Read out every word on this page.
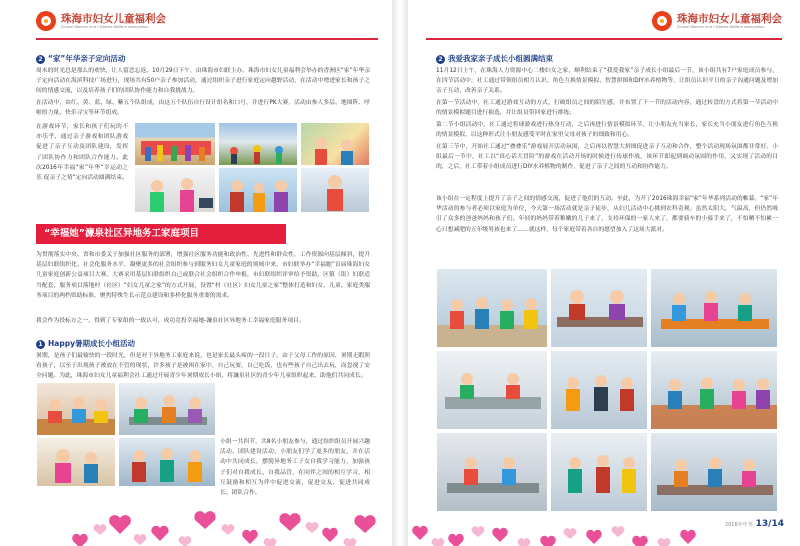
珠海市妇女儿童福利会
Zhuhai Women and Children Welfare Association
2 “家”年华亲子定向活动
周末的时光总是那么的欢快，让人留恋忘返。10月29日下午，由珠海市妇联主办、珠海市妇女儿童福利会举办的香洲区“家”年华亲子定向活动在海滨科技广场进行，现场共有50户亲子参加活动，通过组织亲子进行家庭定向越野活动，在活动中增进家长和孩子之间的情感交流，以及培养孩子们的团队协作能力和自我挑战力。
在活动中，由红、黄、蓝、绿、紫五个队组成，由这五个队伍自行设计组名和口号，并进行PK大赛，活动由参人多层、地图阵、呼啦的力量、快乐寻宝等环节组成。
在游戏环节，家长和孩子们玩的不亦乐乎，通过亲子游戏和团队游戏促进了亲子互动及团队建设，发挥了团队协作力和团队合作能力。此次2016年幸福“家”年华“幸运动之乐 促亲子之情”定向活动圆满结束。
“幸福她”濂泉社区异地务工家庭项目
为贯彻落实中央、省和市委关于加强社区服务的部署，增强社区服务功能和政治性、先进性和群众性，工作资源向基层倾斜，提升基层妇联组织化、社会化服务水平，凝聚更多的社会组织参与到服务妇女儿童家庭的领域中来，市妇联举办“幸福她”首届珠海妇女儿童家庭创新公益项目大赛。大赛采用基层妇联组织自己或联合社会组织合作申报，市妇联组织评审给予资助，区镇（街）妇联适当配套，服务项目落地村（社区）“妇女儿童之家”的方式开展，设置“村（社区）妇女儿童之家”整体打造和妇女、儿童、家庭类服务项目的两档资助标准，聚焦特殊生长示范点建设和多样化服务重要的需求。
我会作为投标方之一，得到了专家组的一致认可，成功竞投幸福她-濂泉社区异地务工幸福家庭服务项目。
1 Happy暑期成长小组活动
暑期，是孩子们最愉快的一段时光，但是对于异地务工家庭来说，也是家长最头疼的一段日子。由于父母工作的原因，暑期无暇照看孩子，以至于出现孩子被放在不管的现状，许多孩子是被困在家中，自己玩耍，自己吃饭，也有些孩子自己出去玩，而忽视了安全问题。为此，珠海市妇女儿童福利会社工通过开展青少年暑期成长小组，将濂泉社区的青少年儿童组织起来，助他们共同成长。
小组一共四节，共8名小朋友参与，通过组织组员开展兴趣活动、团队建设活动，小朋友们学了更多的朋友，并在活动中共同成长，摆脱异地务工子女自我学习能力，加强孩子们对自我成长、自我品管，在同伴之间的相互学习，相互鼓励和相互为伴中促进交流，促进交友，促进共同成长、团队合作。
珠海市妇女儿童福利会
Zhuhai Women and Children Welfare Association
2 我爱我家亲子成长小组圆满结束
11月12日上午，在珠海人力资源中心二楼妇女之家，顺利结束了“我爱我家”亲子成长小组最后一节，该小组共有7户家庭成员参与，在四节活动中，社工通过带领组员相互认识、角色互换情景模拟、智慧拼图和DIY水养植物等，让组员认识平日的亲子沟通问题及增加亲子互动，改善亲子关系。
在第一节活动中，社工通过游戏互动的方式，打破组员之间的陌生感，并布置了下一节的活动内容，通过转盘的方式将第一节活动中的情景模拟题目进行抽选，并让组员带回家进行排练；
第二节小组活动中，社工通过将球游戏进行热身互动，之后再进行情景模拟环节，让小朋友充当家长，家长充当小朋友进行角色互换的情景模拟，以这种形式让小朋友感受平时在家里父母对孩子的细致和用心。
在第三节中，开始社工通过“叠叠乐”游戏展开活动氛围，之后再以智慧大拼图促进亲子互动和合作，整个活动现场氛围都非常好。小组最后一节中，社工以“真心话大冒险”的游戏在活动开场的时候进行传球作战，该环节即起到调动氛围的作用，又实现了活动的目的，之后，社工带着小组成员进行DIY水养植物的制作，促进了亲子之间的互动和协作能力。
该小组在一定程度上提升了亲子之间的情感交流，促进了他们的互动。至此，为开了2016珠海幸福“家”年华系列活动的帷幕。“家”年华活动的参与者必须以家庭为单位，今天第一场活动就是亲子徒步，从妇儿活动中心挑到农科奇观。虽然太阳大，气温高，但仍然吸引了众多的爸爸妈妈和孩子们。年轻的妈妈带着稚嫩的儿子来了，支持环保的一家人来了，都要骑车的小骑手来了，不怕晒不怕累一心只想减肥的五年级男孩也来了……就这样，每个家庭带着各自的愿望加入了这场大派对。
2016年年刊 13/14
